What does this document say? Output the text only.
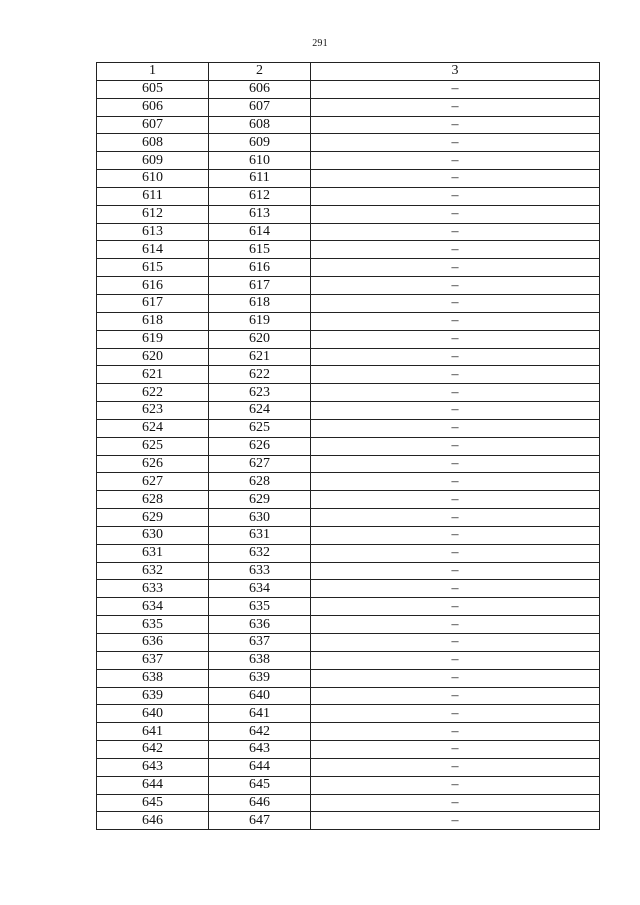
291
1	2	3
605	606	–
606	607	–
607	608	–
608	609	–
609	610	–
610	611	–
611	612	–
612	613	–
613	614	–
614	615	–
615	616	–
616	617	–
617	618	–
618	619	–
619	620	–
620	621	–
621	622	–
622	623	–
623	624	–
624	625	–
625	626	–
626	627	–
627	628	–
628	629	–
629	630	–
630	631	–
631	632	–
632	633	–
633	634	–
634	635	–
635	636	–
636	637	–
637	638	–
638	639	–
639	640	–
640	641	–
641	642	–
642	643	–
643	644	–
644	645	–
645	646	–
646	647	–
